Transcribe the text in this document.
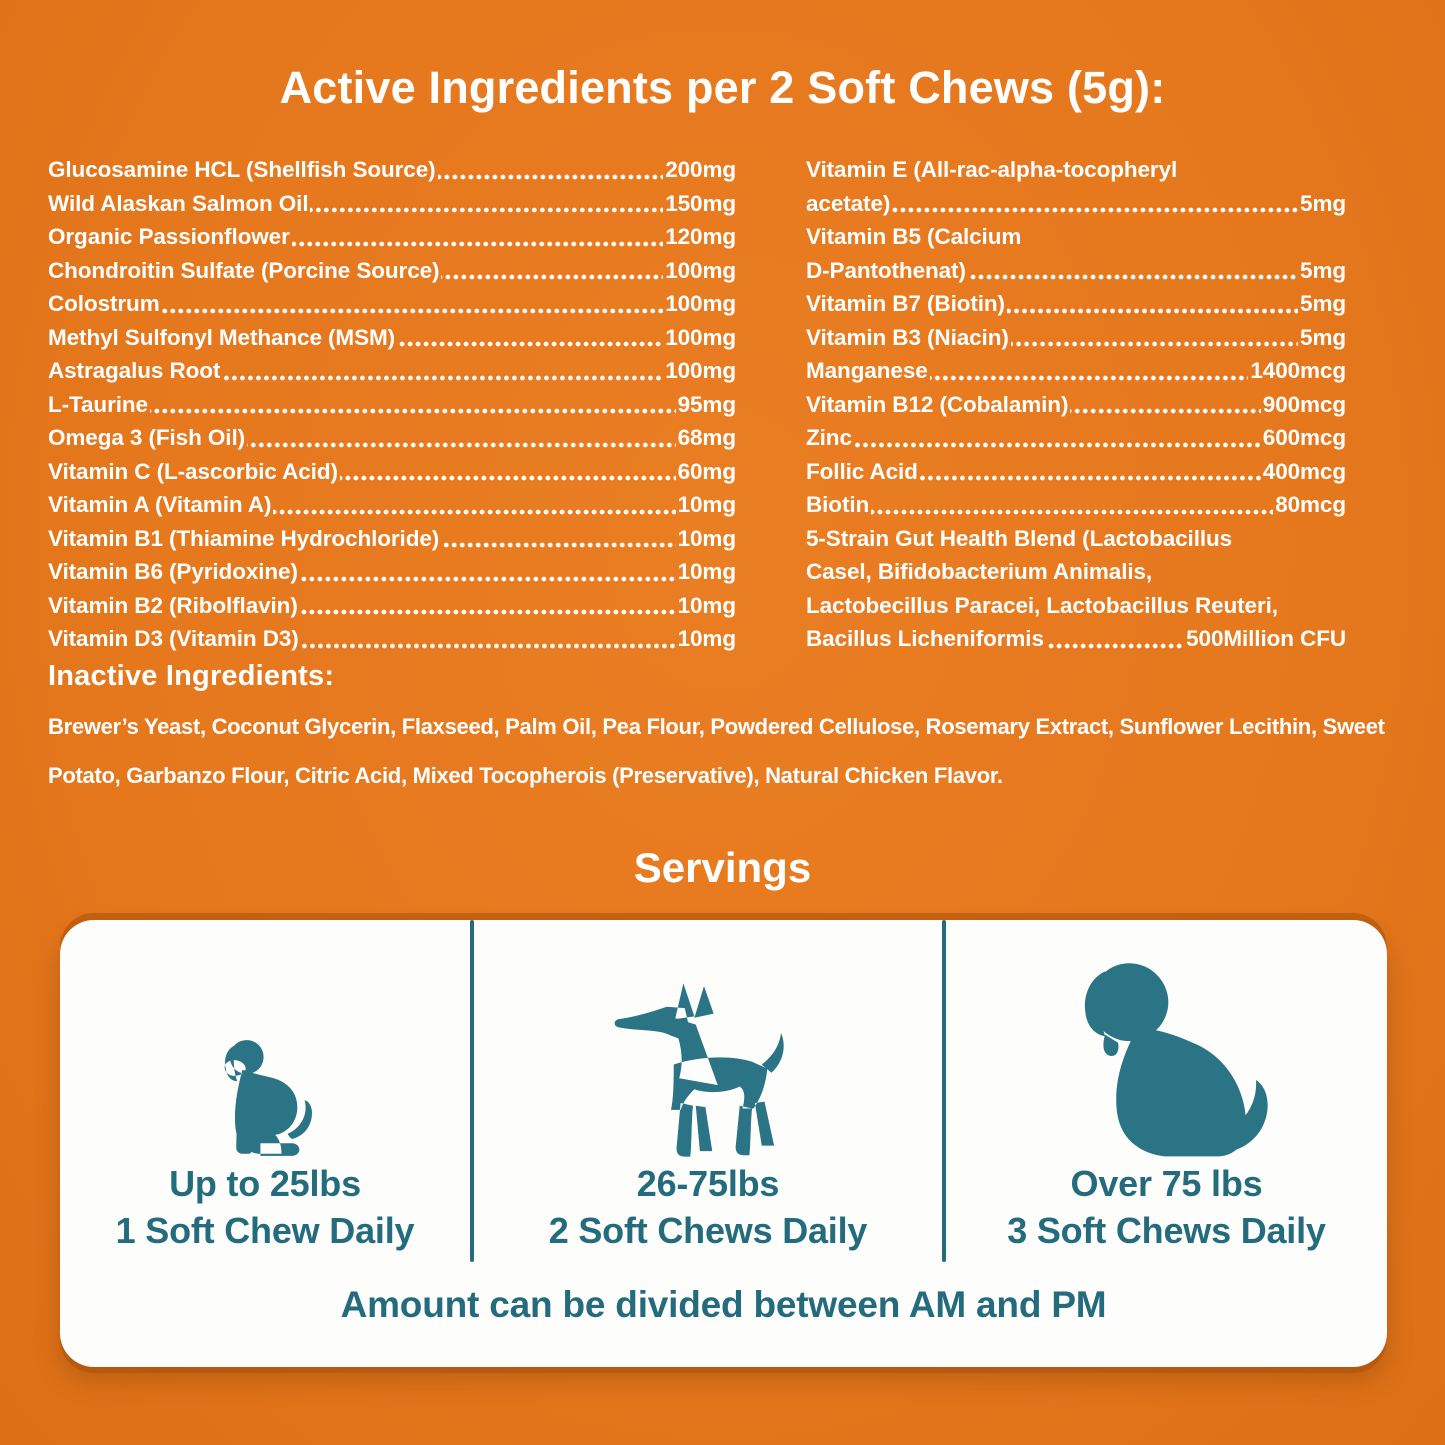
Active Ingredients per 2 Soft Chews (5g):
Glucosamine HCL (Shellfish Source)	200mg
Wild Alaskan Salmon Oil	150mg
Organic Passionflower	120mg
Chondroitin Sulfate (Porcine Source)	100mg
Colostrum	100mg
Methyl Sulfonyl Methance (MSM)	100mg
Astragalus Root	100mg
L-Taurine	95mg
Omega 3 (Fish Oil)	68mg
Vitamin C (L-ascorbic Acid)	60mg
Vitamin A (Vitamin A)	10mg
Vitamin B1 (Thiamine Hydrochloride)	10mg
Vitamin B6 (Pyridoxine)	10mg
Vitamin B2 (Ribolflavin)	10mg
Vitamin D3 (Vitamin D3)	10mg
Vitamin E (All-rac-alpha-tocopheryl
acetate)	5mg
Vitamin B5 (Calcium
D-Pantothenat)	5mg
Vitamin B7 (Biotin)	5mg
Vitamin B3 (Niacin)	5mg
Manganese	1400mcg
Vitamin B12 (Cobalamin)	900mcg
Zinc	600mcg
Follic Acid	400mcg
Biotin	80mcg
5-Strain Gut Health Blend (Lactobacillus
Casel, Bifidobacterium Animalis,
Lactobecillus Paracei, Lactobacillus Reuteri,
Bacillus Licheniformis	500Million CFU
Inactive Ingredients:

Brewer’s Yeast, Coconut Glycerin, Flaxseed, Palm Oil, Pea Flour, Powdered Cellulose, Rosemary Extract, Sunflower Lecithin, Sweet Potato, Garbanzo Flour, Citric Acid, Mixed Tocopherois (Preservative), Natural Chicken Flavor.

Servings
Up to 25lbs
1 Soft Chew Daily
26-75lbs
2 Soft Chews Daily
Over 75 lbs
3 Soft Chews Daily
Amount can be divided between AM and PM
